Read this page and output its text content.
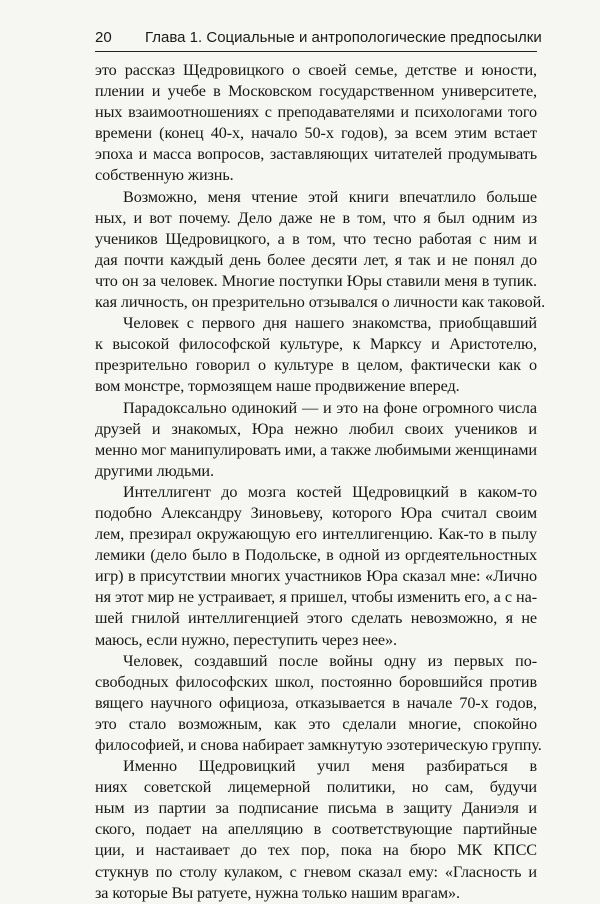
20 Глава 1. Социальные и антропологические предпосылки
это рассказ Щедровицкого о своей семье, детстве и юности,
плении и учебе в Московском государственном университете,
ных взаимоотношениях с преподавателями и психологами того
времени (конец 40-х, начало 50-х годов), за всем этим встает
эпоха и масса вопросов, заставляющих читателей продумывать
собственную жизнь.
Возможно, меня чтение этой книги впечатлило больше
ных, и вот почему. Дело даже не в том, что я был одним из
учеников Щедровицкого, а в том, что тесно работая с ним и
дая почти каждый день более десяти лет, я так и не понял до
что он за человек. Многие поступки Юры ставили меня в тупик.
кая личность, он презрительно отзывался о личности как таковой.
Человек с первого дня нашего знакомства, приобщавший
к высокой философской культуре, к Марксу и Аристотелю,
презрительно говорил о культуре в целом, фактически как о
вом монстре, тормозящем наше продвижение вперед.
Парадоксально одинокий — и это на фоне огромного числа
друзей и знакомых, Юра нежно любил своих учеников и
менно мог манипулировать ими, а также любимыми женщинами
другими людьми.
Интеллигент до мозга костей Щедровицкий в каком-то
подобно Александру Зиновьеву, которого Юра считал своим
лем, презирал окружающую его интеллигенцию. Как-то в пылу
лемики (дело было в Подольске, в одной из оргдеятельностных
игр) в присутствии многих участников Юра сказал мне: «Лично
ня этот мир не устраивает, я пришел, чтобы изменить его, а с на-
шей гнилой интеллигенцией этого сделать невозможно, я не
маюсь, если нужно, переступить через нее».
Человек, создавший после войны одну из первых по-
свободных философских школ, постоянно боровшийся против
вящего научного официоза, отказывается в начале 70-х годов,
это стало возможным, как это сделали многие, спокойно
философией, и снова набирает замкнутую эзотерическую группу.
Именно Щедровицкий учил меня разбираться в
ниях советской лицемерной политики, но сам, будучи
ным из партии за подписание письма в защиту Даниэля и
ского, подает на апелляцию в соответствующие партийные
ции, и настаивает до тех пор, пока на бюро МК КПСС
стукнув по столу кулаком, с гневом сказал ему: «Гласность и
за которые Вы ратуете, нужна только нашим врагам».
